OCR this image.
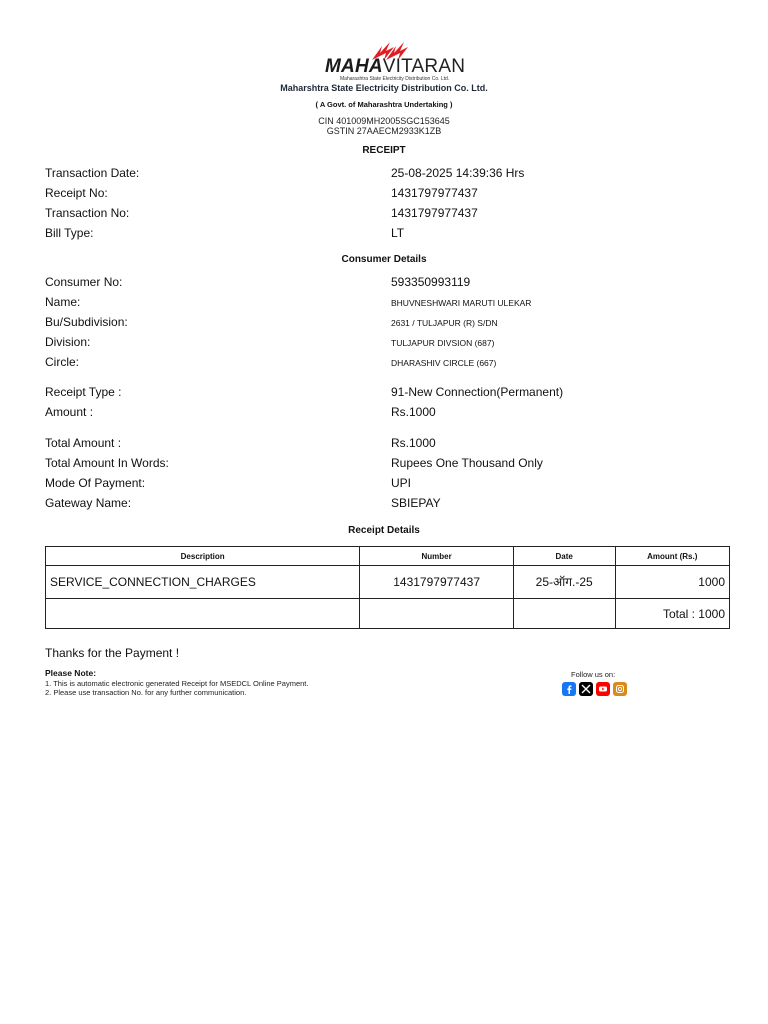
MAHAVITARAN
Maharashtra State Electricity Distribution Co. Ltd.
Maharshtra State Electricity Distribution Co. Ltd.
( A Govt. of Maharashtra Undertaking )
CIN 401009MH2005SGC153645
GSTIN 27AAECM2933K1ZB
RECEIPT
Transaction Date:	25-08-2025 14:39:36 Hrs
Receipt No:	1431797977437
Transaction No:	1431797977437
Bill Type:	LT
Consumer Details
Consumer No:	593350993119
Name:	BHUVNESHWARI MARUTI ULEKAR
Bu/Subdivision:	2631 / TULJAPUR (R) S/DN
Division:	TULJAPUR DIVSION (687)
Circle:	DHARASHIV CIRCLE (667)
Receipt Type :	91-New Connection(Permanent)
Amount :	Rs.1000
Total Amount :	Rs.1000
Total Amount In Words:	Rupees One Thousand Only
Mode Of Payment:	UPI
Gateway Name:	SBIEPAY
Receipt Details
Description	Number	Date	Amount (Rs.)
SERVICE_CONNECTION_CHARGES	1431797977437	25-ऑग.-25	1000
			Total : 1000
Thanks for the Payment !
Please Note:
1. This is automatic electronic generated Receipt for MSEDCL Online Payment.
2. Please use transaction No. for any further communication.
Follow us on:
